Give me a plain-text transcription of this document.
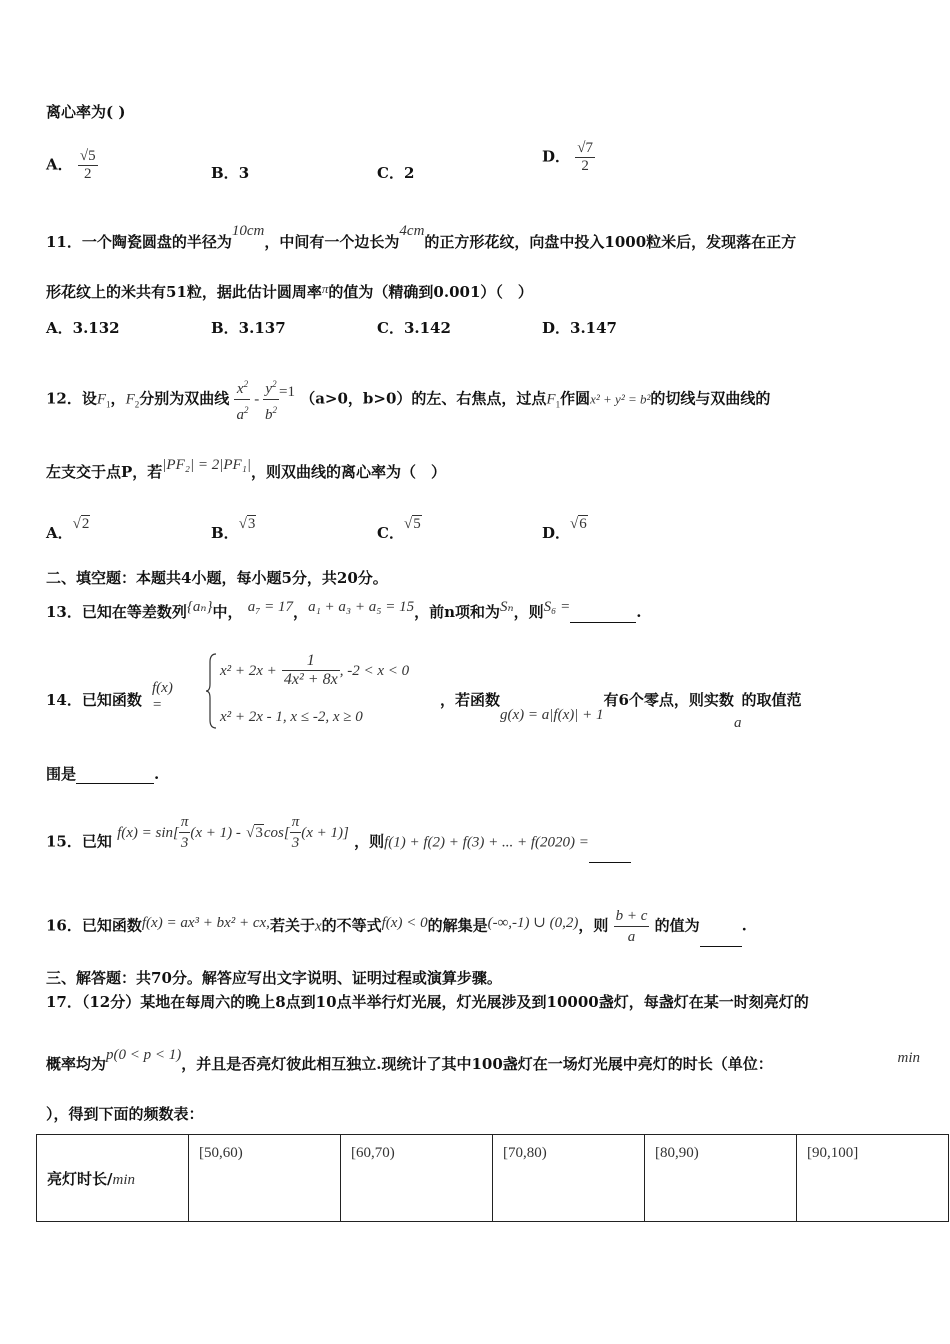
离心率为( )
A． $\frac{√5}{2}$	B．3	C．2
D． $\frac{√7}{2}$
11．一个陶瓷圆盘的半径为10cm，中间有一个边长为4cm的正方形花纹，向盘中投入1000粒米后，发现落在正方
形花纹上的米共有51粒，据此估计圆周率π的值为（精确到0.001）（　）
A．3.132	B．3.137	C．3.142	D．3.147
12．设$F_1$，$F_2$分别为双曲线 $\frac{x^2}{a^2} - \frac{y^2}{b^2} =1$ （a>0，b>0）的左、右焦点，过点$F_1$作圆x² + y² = b²的切线与双曲线的
左支交于点P，若|PF₂| = 2|PF₁|，则双曲线的离心率为（　）
A．√2	B．√3	C．√5	D．√6
二、填空题：本题共4小题，每小题5分，共20分。
13．已知在等差数列{aₙ}中， a₇ = 17，a₁ + a₃ + a₅ = 15，前n项和为Sₙ，则S₆ =	.
14．已知函数
f(x) =
$x^2 + 2x + \frac{1}{\text{4x² + 8x}}$ , -2 < x < 0
x² + 2x - 1, x ≤ -2, x ≥ 0
，若函数g(x) = a|f(x)| + 1有6个零点，则实数a的取值范
围是	.
15．已知 $f(x) = \sin[ \frac{\pi}{3} (x + 1) - √3\cos[ \frac{\pi}{3} (x + 1)]$ ，则f(1) + f(2) + f(3) + ... + f(2020) =
16．已知函数f(x) = ax³ + bx² + cx,若关于x的不等式f(x) < 0的解集是(-∞,-1) ∪ (0,2)，则 $\frac{b + c}{a}$ 的值为	.
三、解答题：共70分。解答应写出文字说明、证明过程或演算步骤。
17．（12分）某地在每周六的晚上8点到10点半举行灯光展，灯光展涉及到10000盏灯，每盏灯在某一时刻亮灯的
概率均为p(0 < p < 1)，并且是否亮灯彼此相互独立.现统计了其中100盏灯在一场灯光展中亮灯的时长（单位：	min
），得到下面的频数表：
亮灯时长/min	[50,60)	[60,70)	[70,80)	[80,90)	[90,100]
